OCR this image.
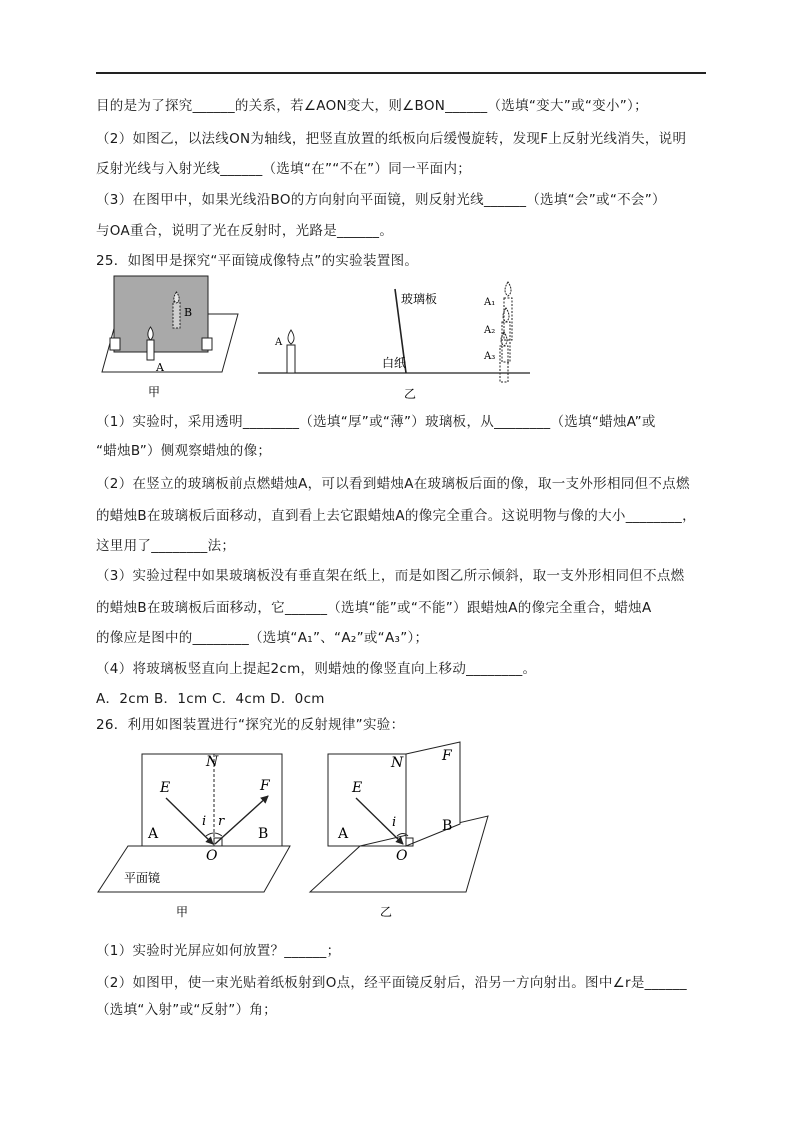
目的是为了探究______的关系，若∠AON变大，则∠BON______（选填“变大”或“变小”）；
（2）如图乙，以法线ON为轴线，把竖直放置的纸板向后缓慢旋转，发现F上反射光线消失，说明
反射光线与入射光线______（选填“在”“不在”）同一平面内；
（3）在图甲中，如果光线沿BO的方向射向平面镜，则反射光线______（选填“会”或“不会”）
与OA重合，说明了光在反射时，光路是______。
25．如图甲是探究“平面镜成像特点”的实验装置图。
B
A
甲
A
玻璃板
白纸
A₁
A₂
A₃
乙
（1）实验时，采用透明________（选填“厚”或“薄”）玻璃板，从________（选填“蜡烛A”或
“蜡烛B”）侧观察蜡烛的像；
（2）在竖立的玻璃板前点燃蜡烛A，可以看到蜡烛A在玻璃板后面的像，取一支外形相同但不点燃
的蜡烛B在玻璃板后面移动，直到看上去它跟蜡烛A的像完全重合。这说明物与像的大小________，
这里用了________法；
（3）实验过程中如果玻璃板没有垂直架在纸上，而是如图乙所示倾斜，取一支外形相同但不点燃
的蜡烛B在玻璃板后面移动，它______（选填“能”或“不能”）跟蜡烛A的像完全重合，蜡烛A
的像应是图中的________（选填“A₁”、“A₂”或“A₃”）；
（4）将玻璃板竖直向上提起2cm，则蜡烛的像竖直向上移动________。
A．2cm B．1cm C．4cm D．0cm
26．利用如图装置进行“探究光的反射规律”实验：
N
E	F
i r
A	B
O
平面镜
甲
N	F
E
i
A	B
O
乙
（1）实验时光屏应如何放置？______；
（2）如图甲，使一束光贴着纸板射到O点，经平面镜反射后，沿另一方向射出。图中∠r是______
（选填“入射”或“反射”）角；
